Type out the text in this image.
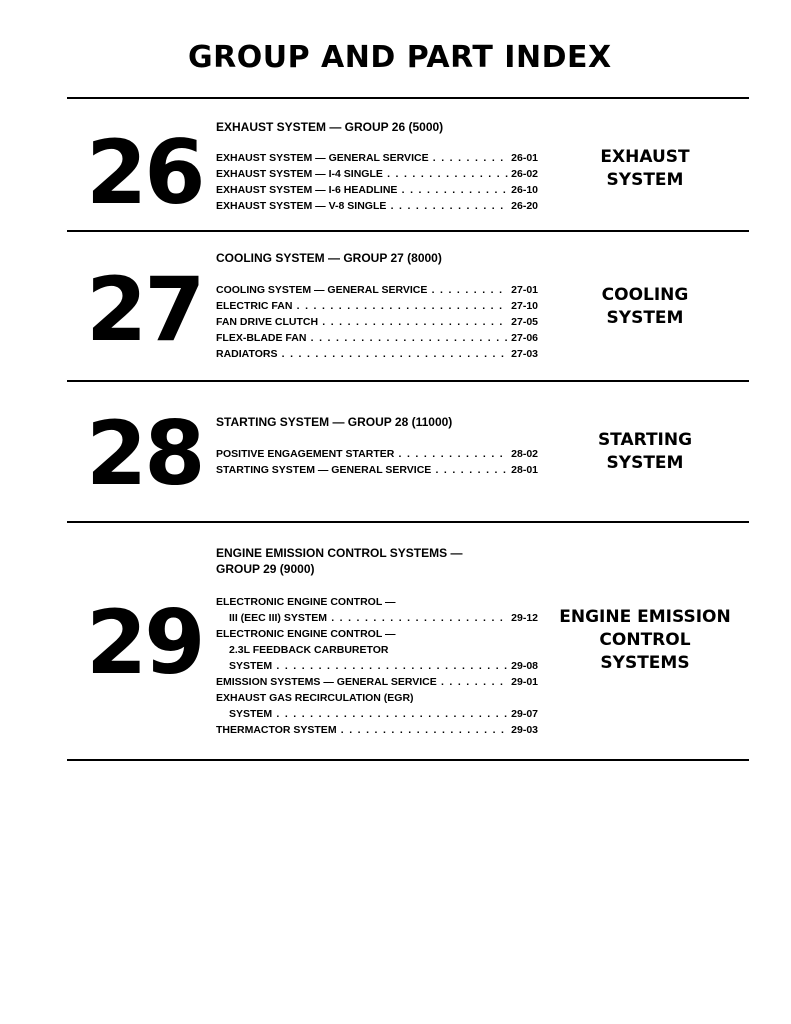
GROUP AND PART INDEX
26 EXHAUST SYSTEM — GROUP 26 (5000)
EXHAUST SYSTEM — GENERAL SERVICE . . .	26-01
EXHAUST SYSTEM — I-4 SINGLE . . .	26-02
EXHAUST SYSTEM — I-6 HEADLINE . . .	26-10
EXHAUST SYSTEM — V-8 SINGLE . . .	26-20
EXHAUST
SYSTEM
27 COOLING SYSTEM — GROUP 27 (8000)
COOLING SYSTEM — GENERAL SERVICE . . .	27-01
ELECTRIC FAN . . .	27-10
FAN DRIVE CLUTCH . . .	27-05
FLEX-BLADE FAN . . .	27-06
RADIATORS . . .	27-03
COOLING
SYSTEM
28 STARTING SYSTEM — GROUP 28 (11000)
POSITIVE ENGAGEMENT STARTER . . .	28-02
STARTING SYSTEM — GENERAL SERVICE . . .	28-01
STARTING
SYSTEM
29
ENGINE EMISSION CONTROL SYSTEMS —
GROUP 29 (9000)
ELECTRONIC ENGINE CONTROL —
III (EEC III) SYSTEM . . .	29-12
ELECTRONIC ENGINE CONTROL —
2.3L FEEDBACK CARBURETOR
SYSTEM . . .	29-08
EMISSION SYSTEMS — GENERAL SERVICE . . .	29-01
EXHAUST GAS RECIRCULATION (EGR)
SYSTEM . . .	29-07
THERMACTOR SYSTEM . . .	29-03
ENGINE EMISSION
CONTROL
SYSTEMS
